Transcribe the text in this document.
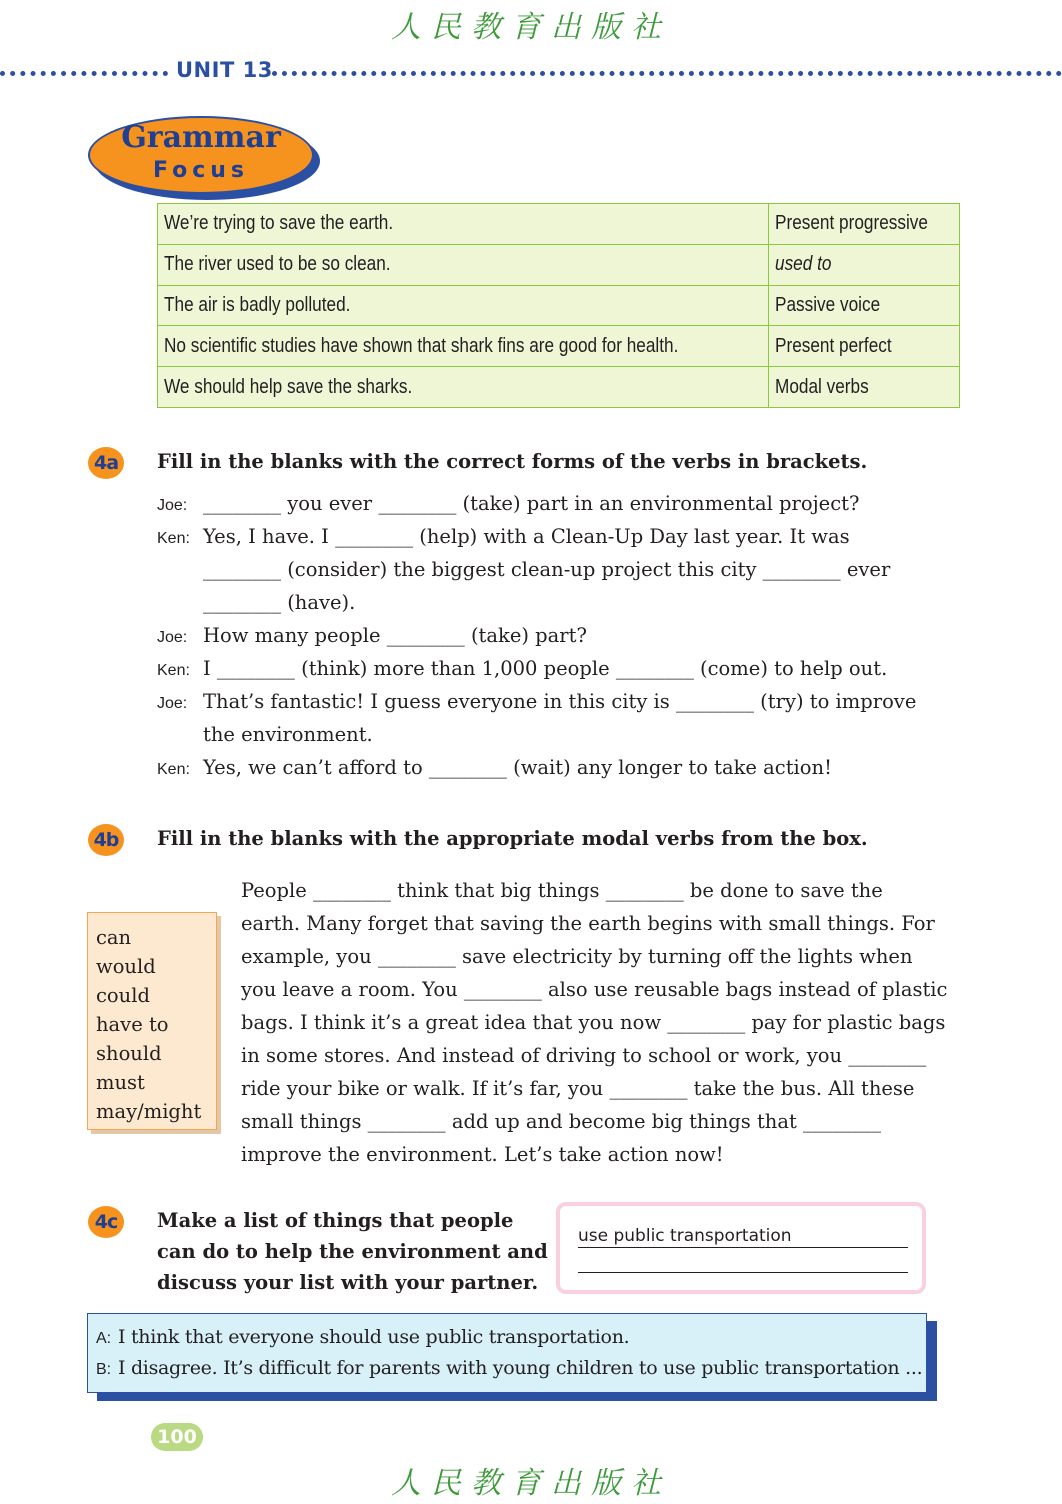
人民教育出版社
UNIT 13
Grammar
Focus
We’re trying to save the earth.	Present progressive
The river used to be so clean.	used to
The air is badly polluted.	Passive voice
No scientific studies have shown that shark fins are good for health.	Present perfect
We should help save the sharks.	Modal verbs
4a	Fill in the blanks with the correct forms of the verbs in brackets.
Joe: ________ you ever ________ (take) part in an environmental project?
Ken: Yes, I have. I ________ (help) with a Clean-Up Day last year. It was
________ (consider) the biggest clean-up project this city ________ ever
________ (have).
Joe: How many people ________ (take) part?
Ken: I ________ (think) more than 1,000 people ________ (come) to help out.
Joe: That’s fantastic! I guess everyone in this city is ________ (try) to improve
the environment.
Ken: Yes, we can’t afford to ________ (wait) any longer to take action!
4b Fill in the blanks with the appropriate modal verbs from the box.
can
would
could
have to
should
must
may/might
People ________ think that big things ________ be done to save the
earth. Many forget that saving the earth begins with small things. For
example, you ________ save electricity by turning off the lights when
you leave a room. You ________ also use reusable bags instead of plastic
bags. I think it’s a great idea that you now ________ pay for plastic bags
in some stores. And instead of driving to school or work, you ________
ride your bike or walk. If it’s far, you ________ take the bus. All these
small things ________ add up and become big things that ________
improve the environment. Let’s take action now!
4c	Make a list of things that people
can do to help the environment and
discuss your list with your partner.
use public transportation
A: I think that everyone should use public transportation.
B: I disagree. It’s difficult for parents with young children to use public transportation ...
100
人民教育出版社
